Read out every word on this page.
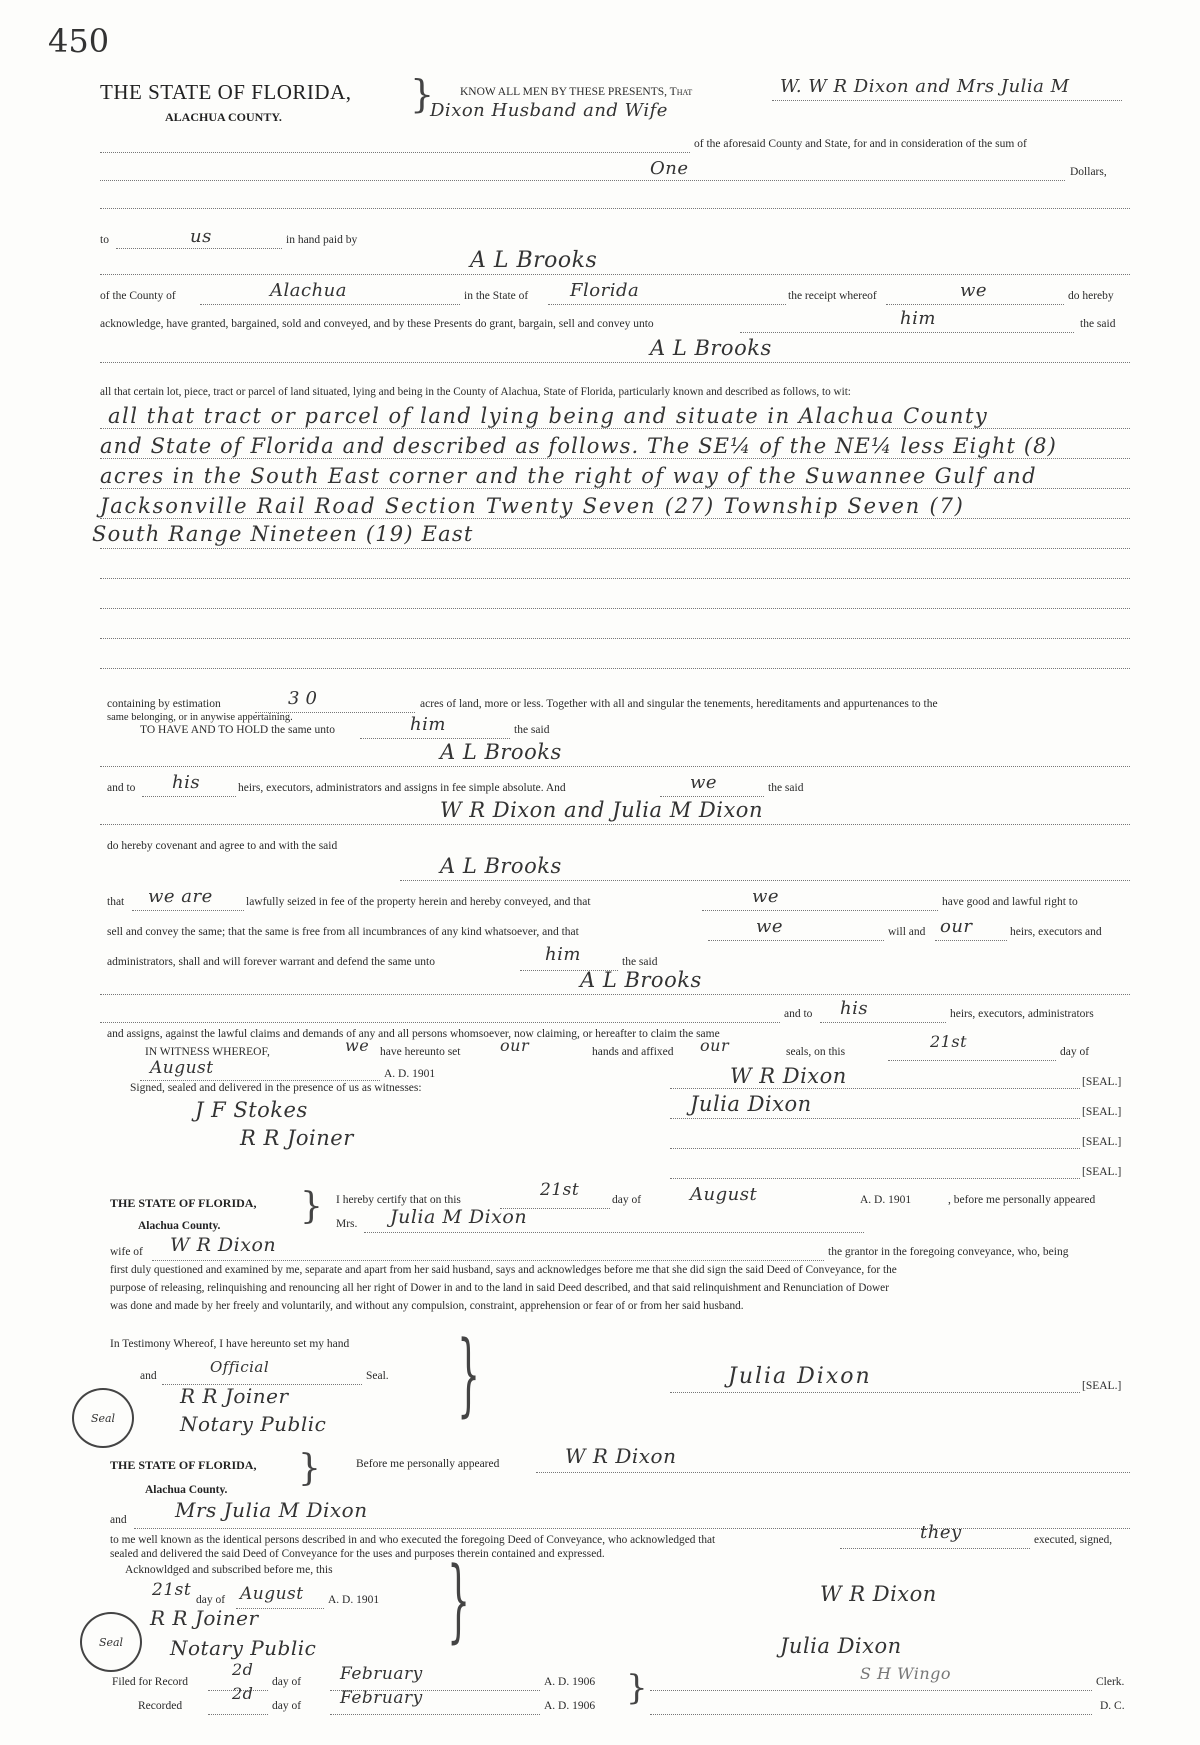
450
THE STATE OF FLORIDA, }
ALACHUA COUNTY.
KNOW ALL MEN BY THESE PRESENTS, That	W. W R Dixon and Mrs Julia M
Dixon Husband and Wife
of the aforesaid County and State, for and in consideration of the sum of
One	Dollars,
to	us	in hand paid by
A L Brooks
of the County of	Alachua	in the State of Florida	the receipt whereof	we	do hereby
acknowledge, have granted, bargained, sold and conveyed, and by these Presents do grant, bargain, sell and convey unto	him	the said
A L Brooks
all that certain lot, piece, tract or parcel of land situated, lying and being in the County of Alachua, State of Florida, particularly known and described as follows, to wit:
all that tract or parcel of land lying being and situate in Alachua County
and State of Florida and described as follows. The SE¼ of the NE¼ less Eight (8)
acres in the South East corner and the right of way of the Suwannee Gulf and
Jacksonville Rail Road Section Twenty Seven (27) Township Seven (7)
South Range Nineteen (19) East
containing by estimation	30	acres of land, more or less. Together with all and singular the tenements, hereditaments and appurtenances to the
same belonging, or in anywise appertaining.
TO HAVE AND TO HOLD the same unto	him	the said
A L Brooks
and to his	heirs, executors, administrators and assigns in fee simple absolute. And	we	the said
W R Dixon and Julia M Dixon
do hereby covenant and agree to and with the said
A L Brooks
that we are	lawfully seized in fee of the property herein and hereby conveyed, and that	we	have good and lawful right to
sell and convey the same; that the same is free from all incumbrances of any kind whatsoever, and that	we	will and our	heirs, executors and
administrators, shall and will forever warrant and defend the same unto	him	the said
A L Brooks
and to his	heirs, executors, administrators
and assigns, against the lawful claims and demands of any and all persons whomsoever, now claiming, or hereafter to claim the same
IN WITNESS WHEREOF,	we have hereunto set our	hands and affixed our	seals, on this
21st
day of
August	A. D. 1901
Signed, sealed and delivered in the presence of us as witnesses:
J F Stokes
R R Joiner
W R Dixon	[SEAL.]
Julia Dixon	[SEAL.]
[SEAL.]
[SEAL.]
THE STATE OF FLORIDA, }
Alachua County.
I hereby certify that on this	21st	day of	August	A. D. 1901	, before me personally appeared
Mrs. Julia M Dixon
wife of W R Dixon	the grantor in the foregoing conveyance, who, being
first duly questioned and examined by me, separate and apart from her said husband, says and acknowledges before me that she did sign the said Deed of Conveyance, for the
purpose of releasing, relinquishing and renouncing all her right of Dower in and to the land in said Deed described, and that said relinquishment and Renunciation of Dower
was done and made by her freely and voluntarily, and without any compulsion, constraint, apprehension or fear of or from her said husband.
In Testimony Whereof, I have hereunto set my hand }
and	Official	Seal.
R R Joiner
Notary Public
Seal
Julia Dixon	[SEAL.]
THE STATE OF FLORIDA, }
Alachua County.
Before me personally appeared	W R Dixon
and Mrs Julia M Dixon
to me well known as the identical persons described in and who executed the foregoing Deed of Conveyance, who acknowledged that	they	executed, signed,
sealed and delivered the said Deed of Conveyance for the uses and purposes therein contained and expressed.
Acknowldged and subscribed before me, this }
21st day of August A. D. 1901
R R Joiner
Notary Public
Seal
W R Dixon
Julia Dixon
Filed for Record
2d
day of February	A. D. 1906
Recorded
2d
day of February	A. D. 1906 }	S H Wingo	Clerk.
D. C.
